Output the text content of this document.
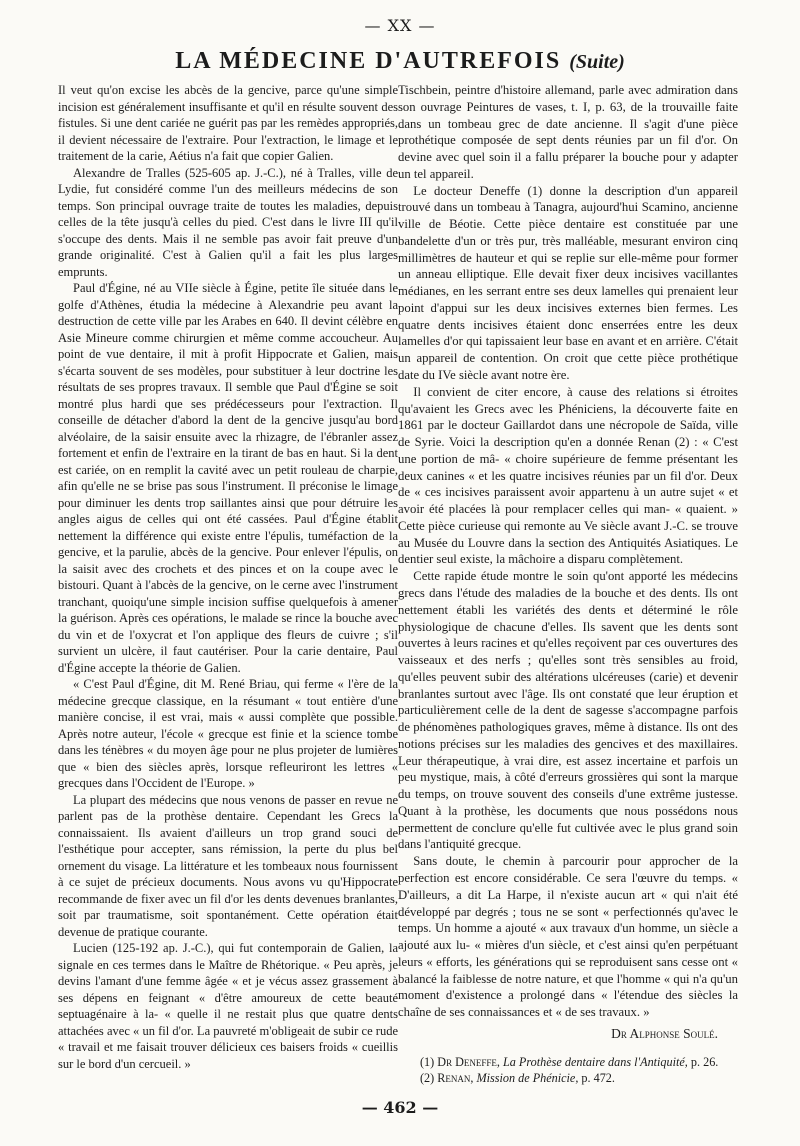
— XX —
LA MÉDECINE D'AUTREFOIS (Suite)

Il veut qu'on excise les abcès de la gencive, parce qu'une simple incision est généralement insuffisante et qu'il en résulte souvent des fistules. Si une dent cariée ne guérit pas par les remèdes appropriés, il devient nécessaire de l'extraire. Pour l'extraction, le limage et le traitement de la carie, Aétius n'a fait que copier Galien.

Alexandre de Tralles (525-605 ap. J.-C.), né à Tralles, ville de Lydie, fut considéré comme l'un des meilleurs médecins de son temps. Son principal ouvrage traite de toutes les maladies, depuis celles de la tête jusqu'à celles du pied. C'est dans le livre III qu'il s'occupe des dents. Mais il ne semble pas avoir fait preuve d'un grande originalité. C'est à Galien qu'il a fait les plus larges emprunts.

Paul d'Égine, né au VIIe siècle à Égine, petite île située dans le golfe d'Athènes, étudia la médecine à Alexandrie peu avant la destruction de cette ville par les Arabes en 640. Il devint célèbre en Asie Mineure comme chirurgien et même comme accoucheur. Au point de vue dentaire, il mit à profit Hippocrate et Galien, mais s'écarta souvent de ses modèles, pour substituer à leur doctrine les résultats de ses propres travaux. Il semble que Paul d'Égine se soit montré plus hardi que ses prédécesseurs pour l'extraction. Il conseille de détacher d'abord la dent de la gencive jusqu'au bord alvéolaire, de la saisir ensuite avec la rhizagre, de l'ébranler assez fortement et enfin de l'extraire en la tirant de bas en haut. Si la dent est cariée, on en remplit la cavité avec un petit rouleau de charpie, afin qu'elle ne se brise pas sous l'instrument. Il préconise le limage pour diminuer les dents trop saillantes ainsi que pour détruire les angles aigus de celles qui ont été cassées. Paul d'Égine établit nettement la différence qui existe entre l'épulis, tuméfaction de la gencive, et la parulie, abcès de la gencive. Pour enlever l'épulis, on la saisit avec des crochets et des pinces et on la coupe avec le bistouri. Quant à l'abcès de la gencive, on le cerne avec l'instrument tranchant, quoiqu'une simple incision suffise quelquefois à amener la guérison. Après ces opérations, le malade se rince la bouche avec du vin et de l'oxycrat et l'on applique des fleurs de cuivre ; s'il survient un ulcère, il faut cautériser. Pour la carie dentaire, Paul d'Égine accepte la théorie de Galien.

« C'est Paul d'Égine, dit M. René Briau, qui ferme « l'ère de la médecine grecque classique, en la résumant « tout entière d'une manière concise, il est vrai, mais « aussi complète que possible. Après notre auteur, l'école « grecque est finie et la science tombe dans les ténèbres « du moyen âge pour ne plus projeter de lumières que « bien des siècles après, lorsque refleuriront les lettres « grecques dans l'Occident de l'Europe. »

La plupart des médecins que nous venons de passer en revue ne parlent pas de la prothèse dentaire. Cependant les Grecs la connaissaient. Ils avaient d'ailleurs un trop grand souci de l'esthétique pour accepter, sans rémission, la perte du plus bel ornement du visage. La littérature et les tombeaux nous fournissent à ce sujet de précieux documents. Nous avons vu qu'Hippocrate recommande de fixer avec un fil d'or les dents devenues branlantes, soit par traumatisme, soit spontanément. Cette opération était devenue de pratique courante.

Lucien (125-192 ap. J.-C.), qui fut contemporain de Galien, la signale en ces termes dans le Maître de Rhétorique. « Peu après, je devins l'amant d'une femme âgée « et je vécus assez grassement à ses dépens en feignant « d'être amoureux de cette beauté septuagénaire à la- « quelle il ne restait plus que quatre dents attachées avec « un fil d'or. La pauvreté m'obligeait de subir ce rude « travail et me faisait trouver délicieux ces baisers froids « cueillis sur le bord d'un cercueil. »

Tischbein, peintre d'histoire allemand, parle avec admiration dans son ouvrage Peintures de vases, t. I, p. 63, de la trouvaille faite dans un tombeau grec de date ancienne. Il s'agit d'une pièce prothétique composée de sept dents réunies par un fil d'or. On devine avec quel soin il a fallu préparer la bouche pour y adapter un tel appareil.

Le docteur Deneffe (1) donne la description d'un appareil trouvé dans un tombeau à Tanagra, aujourd'hui Scamino, ancienne ville de Béotie. Cette pièce dentaire est constituée par une bandelette d'un or très pur, très malléable, mesurant environ cinq millimètres de hauteur et qui se replie sur elle-même pour former un anneau elliptique. Elle devait fixer deux incisives vacillantes médianes, en les serrant entre ses deux lamelles qui prenaient leur point d'appui sur les deux incisives externes bien fermes. Les quatre dents incisives étaient donc enserrées entre les deux lamelles d'or qui tapissaient leur base en avant et en arrière. C'était un appareil de contention. On croit que cette pièce prothétique date du IVe siècle avant notre ère.

Il convient de citer encore, à cause des relations si étroites qu'avaient les Grecs avec les Phéniciens, la découverte faite en 1861 par le docteur Gaillardot dans une nécropole de Saïda, ville de Syrie. Voici la description qu'en a donnée Renan (2) : « C'est une portion de mâ- « choire supérieure de femme présentant les deux canines « et les quatre incisives réunies par un fil d'or. Deux de « ces incisives paraissent avoir appartenu à un autre sujet « et avoir été placées là pour remplacer celles qui man- « quaient. » Cette pièce curieuse qui remonte au Ve siècle avant J.-C. se trouve au Musée du Louvre dans la section des Antiquités Asiatiques. Le dentier seul existe, la mâchoire a disparu complètement.

Cette rapide étude montre le soin qu'ont apporté les médecins grecs dans l'étude des maladies de la bouche et des dents. Ils ont nettement établi les variétés des dents et déterminé le rôle physiologique de chacune d'elles. Ils savent que les dents sont ouvertes à leurs racines et qu'elles reçoivent par ces ouvertures des vaisseaux et des nerfs ; qu'elles sont très sensibles au froid, qu'elles peuvent subir des altérations ulcéreuses (carie) et devenir branlantes surtout avec l'âge. Ils ont constaté que leur éruption et particulièrement celle de la dent de sagesse s'accompagne parfois de phénomènes pathologiques graves, même à distance. Ils ont des notions précises sur les maladies des gencives et des maxillaires. Leur thérapeutique, à vrai dire, est assez incertaine et parfois un peu mystique, mais, à côté d'erreurs grossières qui sont la marque du temps, on trouve souvent des conseils d'une extrême justesse. Quant à la prothèse, les documents que nous possédons nous permettent de conclure qu'elle fut cultivée avec le plus grand soin dans l'antiquité grecque.

Sans doute, le chemin à parcourir pour approcher de la perfection est encore considérable. Ce sera l'œuvre du temps. « D'ailleurs, a dit La Harpe, il n'existe aucun art « qui n'ait été développé par degrés ; tous ne se sont « perfectionnés qu'avec le temps. Un homme a ajouté « aux travaux d'un homme, un siècle a ajouté aux lu- « mières d'un siècle, et c'est ainsi qu'en perpétuant leurs « efforts, les générations qui se reproduisent sans cesse ont « balancé la faiblesse de notre nature, et que l'homme « qui n'a qu'un moment d'existence a prolongé dans « l'étendue des siècles la chaîne de ses connaissances et « de ses travaux. »

Dr Alphonse Soulé.

(1) Dr Deneffe, La Prothèse dentaire dans l'Antiquité, p. 26.

(2) Renan, Mission de Phénicie, p. 472.

— 462 —
